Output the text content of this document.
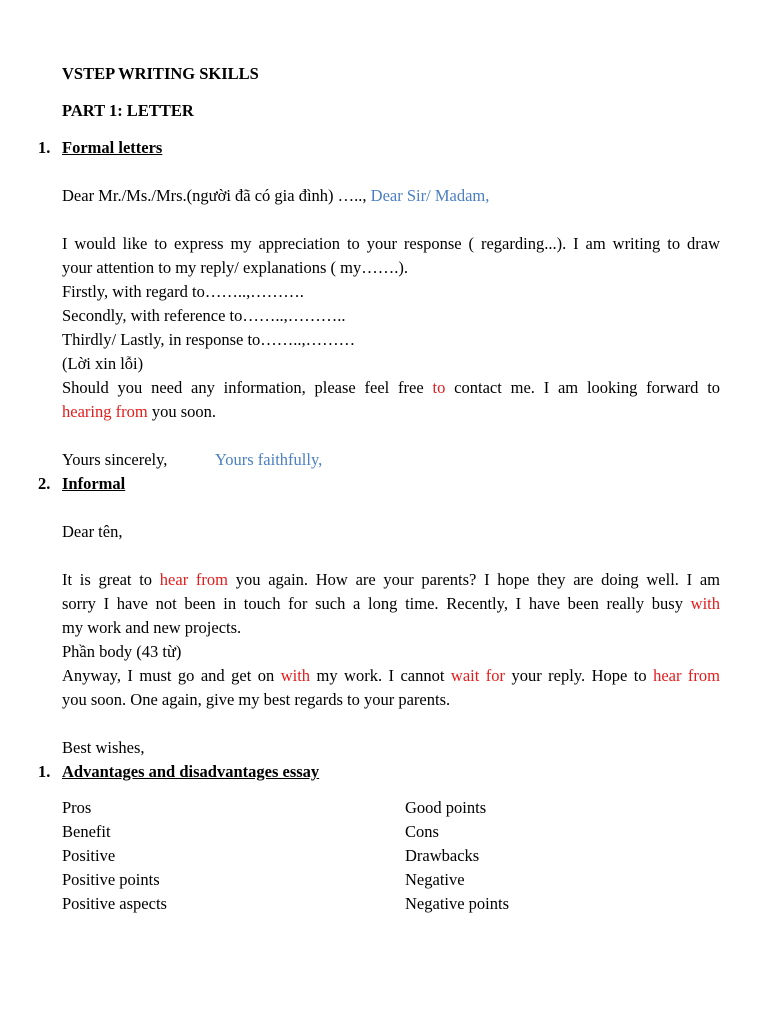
VSTEP WRITING SKILLS
PART 1: LETTER
1. Formal letters
Dear Mr./Ms./Mrs.(người đã có gia đình) ….., Dear Sir/ Madam,
I would like to express my appreciation to your response ( regarding...). I am writing to draw
your attention to my reply/ explanations ( my…….).
Firstly, with regard to……..,……….
Secondly, with reference to……..,………..
Thirdly/ Lastly, in response to……..,………
(Lời xin lỗi)
Should you need any information, please feel free to contact me. I am looking forward to
hearing from you soon.
Yours sincerely,	Yours faithfully,
2. Informal
Dear tên,
It is great to hear from you again. How are your parents? I hope they are doing well. I am
sorry I have not been in touch for such a long time. Recently, I have been really busy with
my work and new projects.
Phần body (43 từ)
Anyway, I must go and get on with my work. I cannot wait for your reply. Hope to hear from
you soon. One again, give my best regards to your parents.
Best wishes,
1. Advantages and disadvantages essay
Pros
Benefit
Positive
Positive points
Positive aspects
Good points
Cons
Drawbacks
Negative
Negative points
